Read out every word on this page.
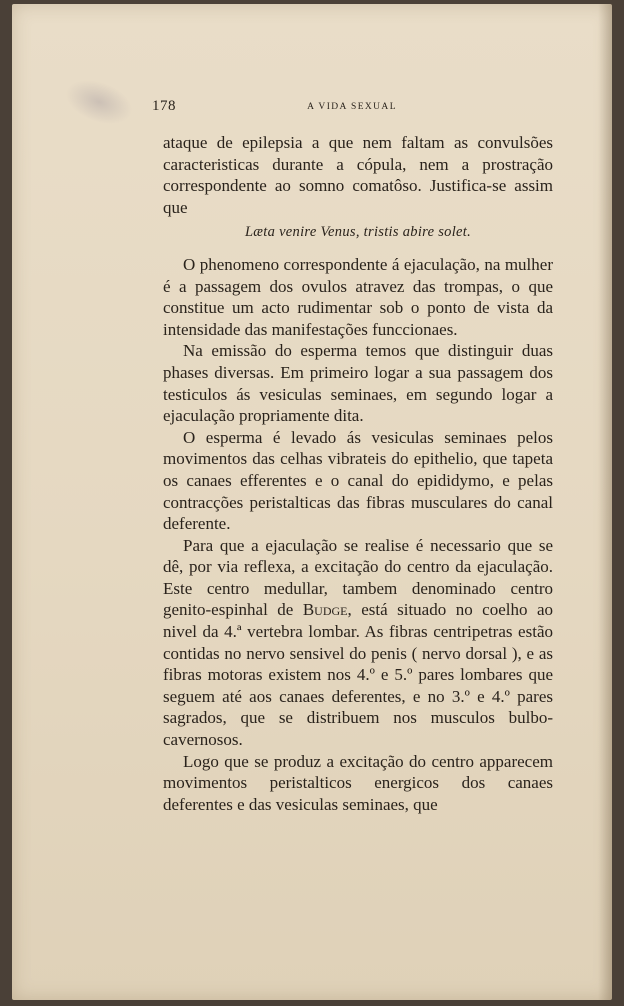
178	A VIDA SEXUAL

ataque de epilepsia a que nem faltam as convulsões caracteristicas durante a cópula, nem a prostração correspondente ao somno comatôso. Justifica-se assim que

Læta venire Venus, tristis abire solet.

O phenomeno correspondente á ejaculação, na mulher é a passagem dos ovulos atravez das trompas, o que constitue um acto rudimentar sob o ponto de vista da intensidade das manifestações funccionaes.

Na emissão do esperma temos que distinguir duas phases diversas. Em primeiro logar a sua passagem dos testiculos ás vesiculas seminaes, em segundo logar a ejaculação propriamente dita.

O esperma é levado ás vesiculas seminaes pelos movimentos das celhas vibrateis do epithelio, que tapeta os canaes efferentes e o canal do epididymo, e pelas contracções peristalticas das fibras musculares do canal deferente.

Para que a ejaculação se realise é necessario que se dê, por via reflexa, a excitação do centro da ejaculação. Este centro medullar, tambem denominado centro genito-espinhal de Budge, está situado no coelho ao nivel da 4.ª vertebra lombar. As fibras centripetras estão contidas no nervo sensivel do penis ( nervo dorsal ), e as fibras motoras existem nos 4.º e 5.º pares lombares que seguem até aos canaes deferentes, e no 3.º e 4.º pares sagrados, que se distribuem nos musculos bulbo-cavernosos.

Logo que se produz a excitação do centro apparecem movimentos peristalticos energicos dos canaes deferentes e das vesiculas seminaes, que
